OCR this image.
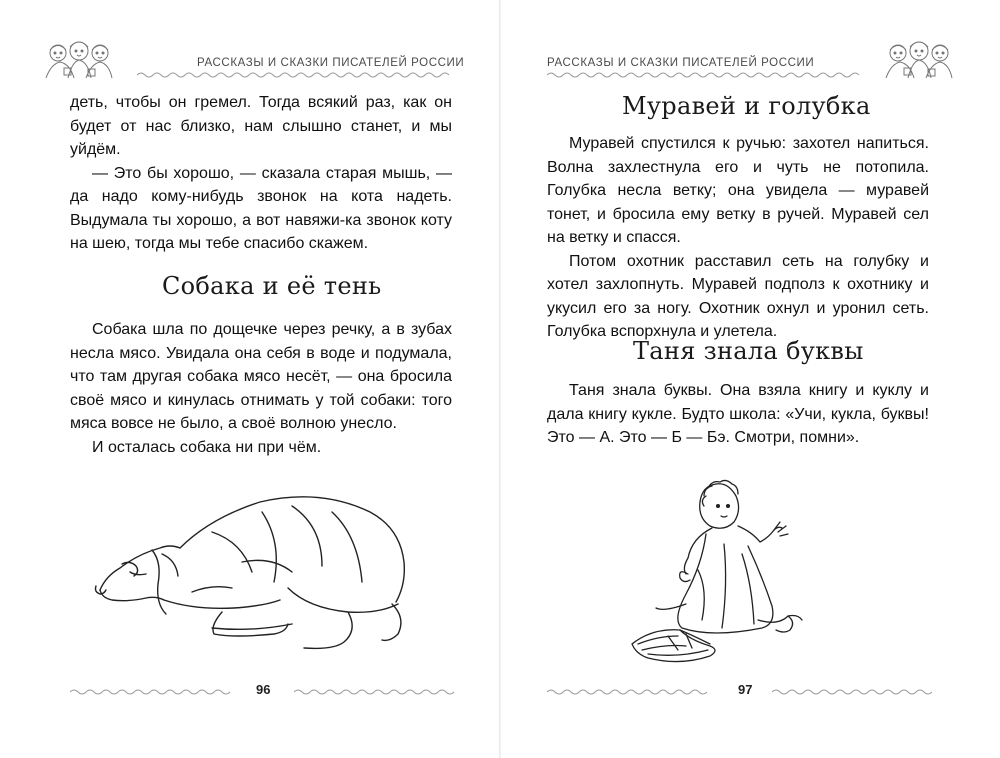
РАССКАЗЫ И СКАЗКИ ПИСАТЕЛЕЙ РОССИИ

деть, чтобы он гремел. Тогда всякий раз, как он будет от нас близко, нам слышно станет, и мы уйдём.

— Это бы хорошо, — сказала старая мышь, — да надо кому-нибудь звонок на кота надеть. Выдумала ты хорошо, а вот навяжи-ка звонок коту на шею, тогда мы тебе спасибо скажем.

Собака и её тень

Собака шла по дощечке через речку, а в зубах несла мясо. Увидала она себя в воде и подумала, что там другая собака мясо несёт, — она бросила своё мясо и кинулась отнимать у той собаки: того мяса вовсе не было, а своё волною унесло.

И осталась собака ни при чём.

96
РАССКАЗЫ И СКАЗКИ ПИСАТЕЛЕЙ РОССИИ
Муравей и голубка

Муравей спустился к ручью: захотел напиться. Волна захлестнула его и чуть не потопила. Голубка несла ветку; она увидела — муравей тонет, и бросила ему ветку в ручей. Муравей сел на ветку и спасся.

Потом охотник расставил сеть на голубку и хотел захлопнуть. Муравей подполз к охотнику и укусил его за ногу. Охотник охнул и уронил сеть. Голубка вспорхнула и улетела.

Таня знала буквы

Таня знала буквы. Она взяла книгу и куклу и дала книгу кукле. Будто школа: «Учи, кукла, буквы! Это — А. Это — Б — Бэ. Смотри, помни».

97
